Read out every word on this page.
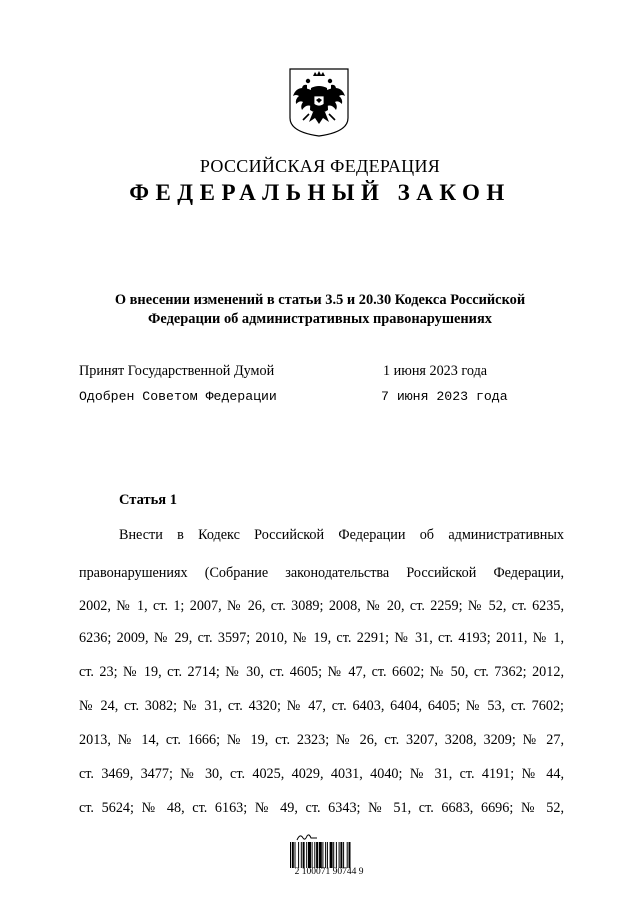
РОССИЙСКАЯ ФЕДЕРАЦИЯ
ФЕДЕРАЛЬНЫЙ ЗАКОН
О внесении изменений в статьи 3.5 и 20.30 Кодекса Российской
Федерации об административных правонарушениях
Принят Государственной Думой	1 июня 2023 года
Одобрен Советом Федерации	7 июня 2023 года
Статья 1
Внести в Кодекс Российской Федерации об административных
правонарушениях (Собрание законодательства Российской Федерации,
2002, № 1, ст. 1; 2007, № 26, ст. 3089; 2008, № 20, ст. 2259; № 52, ст. 6235,
6236; 2009, № 29, ст. 3597; 2010, № 19, ст. 2291; № 31, ст. 4193; 2011, № 1,
ст. 23; № 19, ст. 2714; № 30, ст. 4605; № 47, ст. 6602; № 50, ст. 7362; 2012,
№ 24, ст. 3082; № 31, ст. 4320; № 47, ст. 6403, 6404, 6405; № 53, ст. 7602;
2013, № 14, ст. 1666; № 19, ст. 2323; № 26, ст. 3207, 3208, 3209; № 27,
ст. 3469, 3477; № 30, ст. 4025, 4029, 4031, 4040; № 31, ст. 4191; № 44,
ст. 5624; № 48, ст. 6163; № 49, ст. 6343; № 51, ст. 6683, 6696; № 52,
2 100071 90744 9
